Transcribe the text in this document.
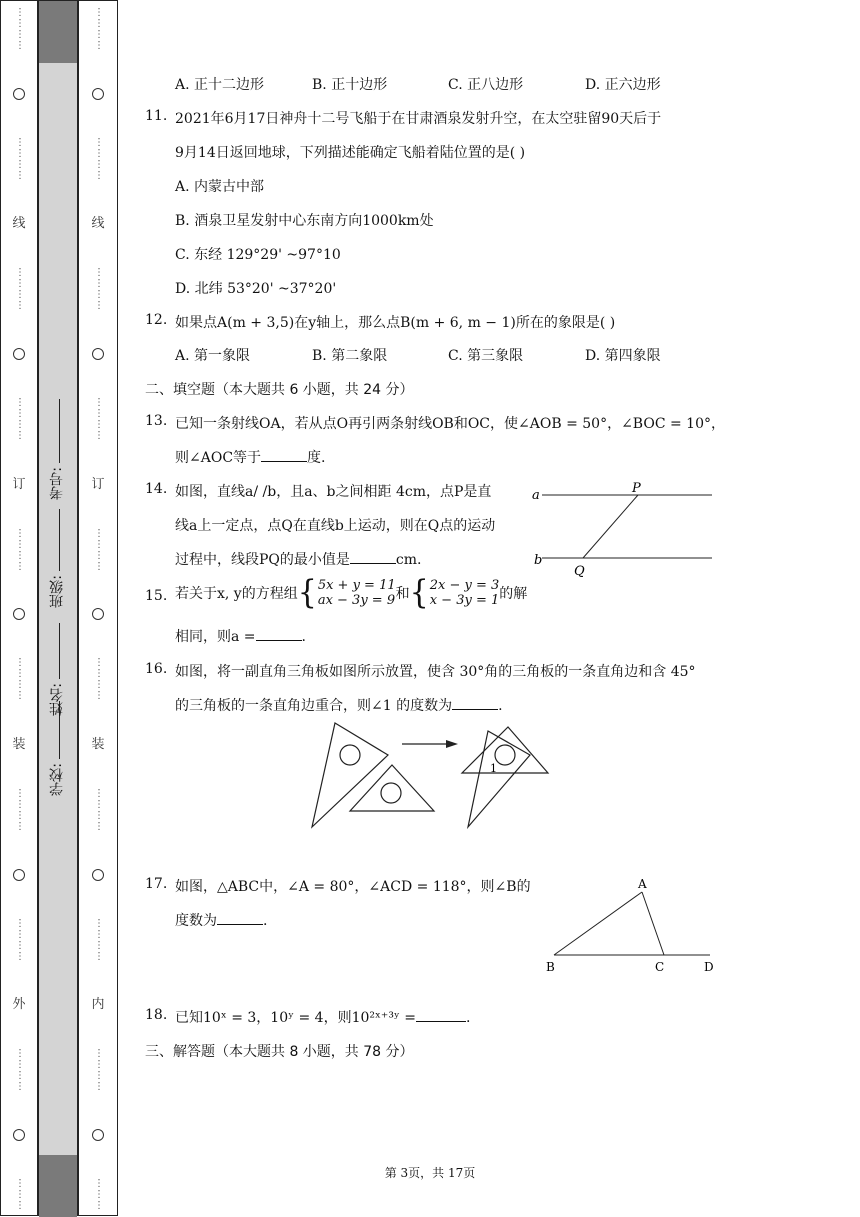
⋯⋯⋯⋯
⋯⋯⋯⋯
线
⋯⋯⋯⋯
⋯⋯⋯⋯
订
⋯⋯⋯⋯
⋯⋯⋯⋯
装
⋯⋯⋯⋯
⋯⋯⋯⋯
外
⋯⋯⋯⋯
⋯⋯⋯
学校:
姓名:
班级:
考号:
⋯⋯⋯⋯
⋯⋯⋯⋯
线
⋯⋯⋯⋯
⋯⋯⋯⋯
订
⋯⋯⋯⋯
⋯⋯⋯⋯
装
⋯⋯⋯⋯
⋯⋯⋯⋯
内
⋯⋯⋯⋯
⋯⋯⋯
A. 正十二边形	B. 正十边形	C. 正八边形	D. 正六边形
11. 2021年6月17日神舟十二号飞船于在甘肃酒泉发射升空，在太空驻留90天后于
9月14日返回地球，下列描述能确定飞船着陆位置的是( )
A. 内蒙古中部
B. 酒泉卫星发射中心东南方向1000km处
C. 东经 129°29' ~97°10
D. 北纬 53°20' ~37°20'
12. 如果点A(m + 3,5)在y轴上，那么点B(m + 6, m − 1)所在的象限是( )
A. 第一象限	B. 第二象限	C. 第三象限	D. 第四象限
二、填空题（本大题共 6 小题，共 24 分）
13. 已知一条射线OA，若从点O再引两条射线OB和OC，使∠AOB = 50°，∠BOC = 10°，
则∠AOC等于	度.
14. 如图，直线a/ /b，且a、b之间相距 4cm，点P是直
线a上一定点，点Q在直线b上运动，则在Q点的运动
过程中，线段PQ的最小值是	cm.
15. 若关于x, y的方程组 { 5x + y = 11
ax − 3y = 9 和 { 2x − y = 3
x − 3y = 1 的解
相同，则a =	.
16. 如图，将一副直角三角板如图所示放置，使含 30°角的三角板的一条直角边和含 45°
的三角板的一条直角边重合，则∠1 的度数为	.
17. 如图，△ABC中，∠A = 80°，∠ACD = 118°，则∠B的
度数为	.
18. 已知10ˣ = 3，10ʸ = 4，则10²ˣ⁺³ʸ =	.
三、解答题（本大题共 8 小题，共 78 分）
a
b
P
Q
1
A
B	C	D
第 3页，共 17页
